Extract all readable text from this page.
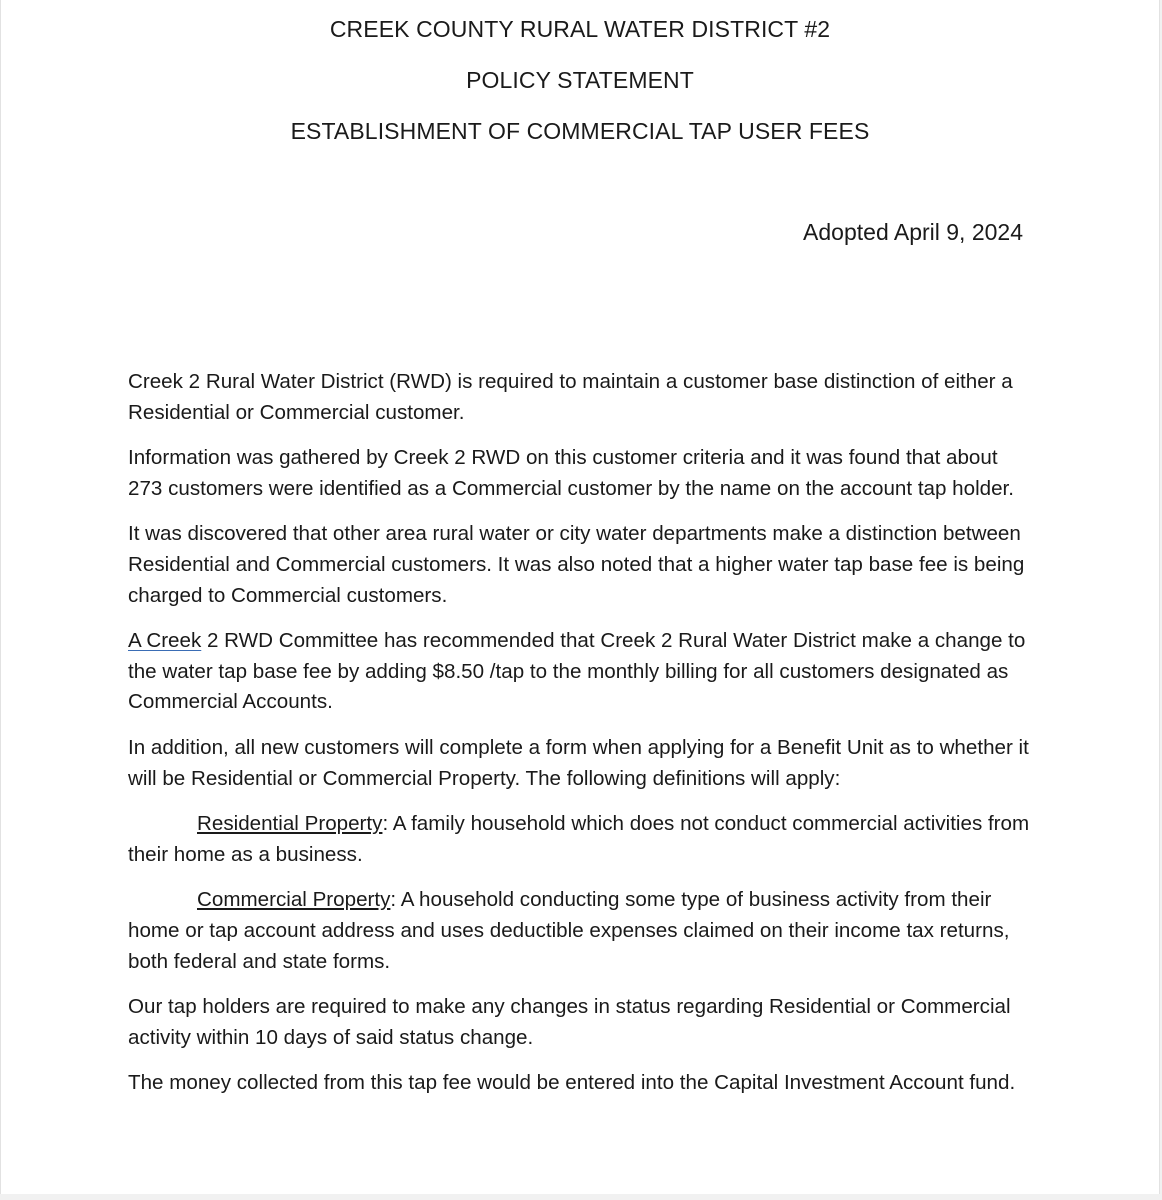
CREEK COUNTY RURAL WATER DISTRICT #2
POLICY STATEMENT
ESTABLISHMENT OF COMMERCIAL TAP USER FEES
Adopted April 9, 2024

Creek 2 Rural Water District (RWD) is required to maintain a customer base distinction of either a Residential or Commercial customer.

Information was gathered by Creek 2 RWD on this customer criteria and it was found that about 273 customers were identified as a Commercial customer by the name on the account tap holder.

It was discovered that other area rural water or city water departments make a distinction between Residential and Commercial customers. It was also noted that a higher water tap base fee is being charged to Commercial customers.

A Creek 2 RWD Committee has recommended that Creek 2 Rural Water District make a change to the water tap base fee by adding $8.50 /tap to the monthly billing for all customers designated as Commercial Accounts.

In addition, all new customers will complete a form when applying for a Benefit Unit as to whether it will be Residential or Commercial Property. The following definitions will apply:

Residential Property: A family household which does not conduct commercial activities from their home as a business.

Commercial Property: A household conducting some type of business activity from their home or tap account address and uses deductible expenses claimed on their income tax returns, both federal and state forms.

Our tap holders are required to make any changes in status regarding Residential or Commercial activity within 10 days of said status change.

The money collected from this tap fee would be entered into the Capital Investment Account fund.
